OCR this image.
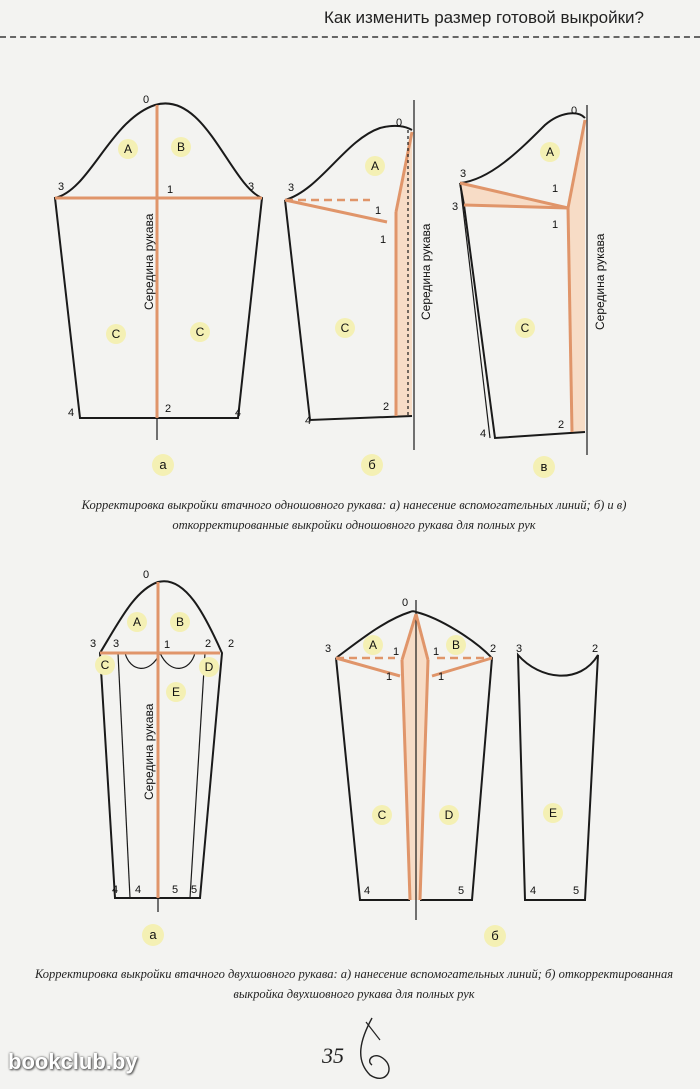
Как изменить размер готовой выкройки?
0
1
2
3	3
4	4
Середина рукава
A	B
C	C
а
0
1
1
2
3
4
Середина рукава
A
C
б
0
1
1
2
3
3
4
Середина рукава
A
C
в
0
1
3 3	2 2
4 4	5 5
Середина рукава
A	B
C	D
E
а
0
1
1
1
1
3	2 3	2
4	5	4	5
A	B
C	D	E
б
Корректировка выкройки втачного одношовного рукава: а) нанесение вспомогательных линий; б) и в) откорректированные выкройки одношовного рукава для полных рук
Корректировка выкройки втачного двухшовного рукава: а) нанесение вспомогательных линий; б) откорректированная выкройка двухшовного рукава для полных рук
35
bookclub.by
